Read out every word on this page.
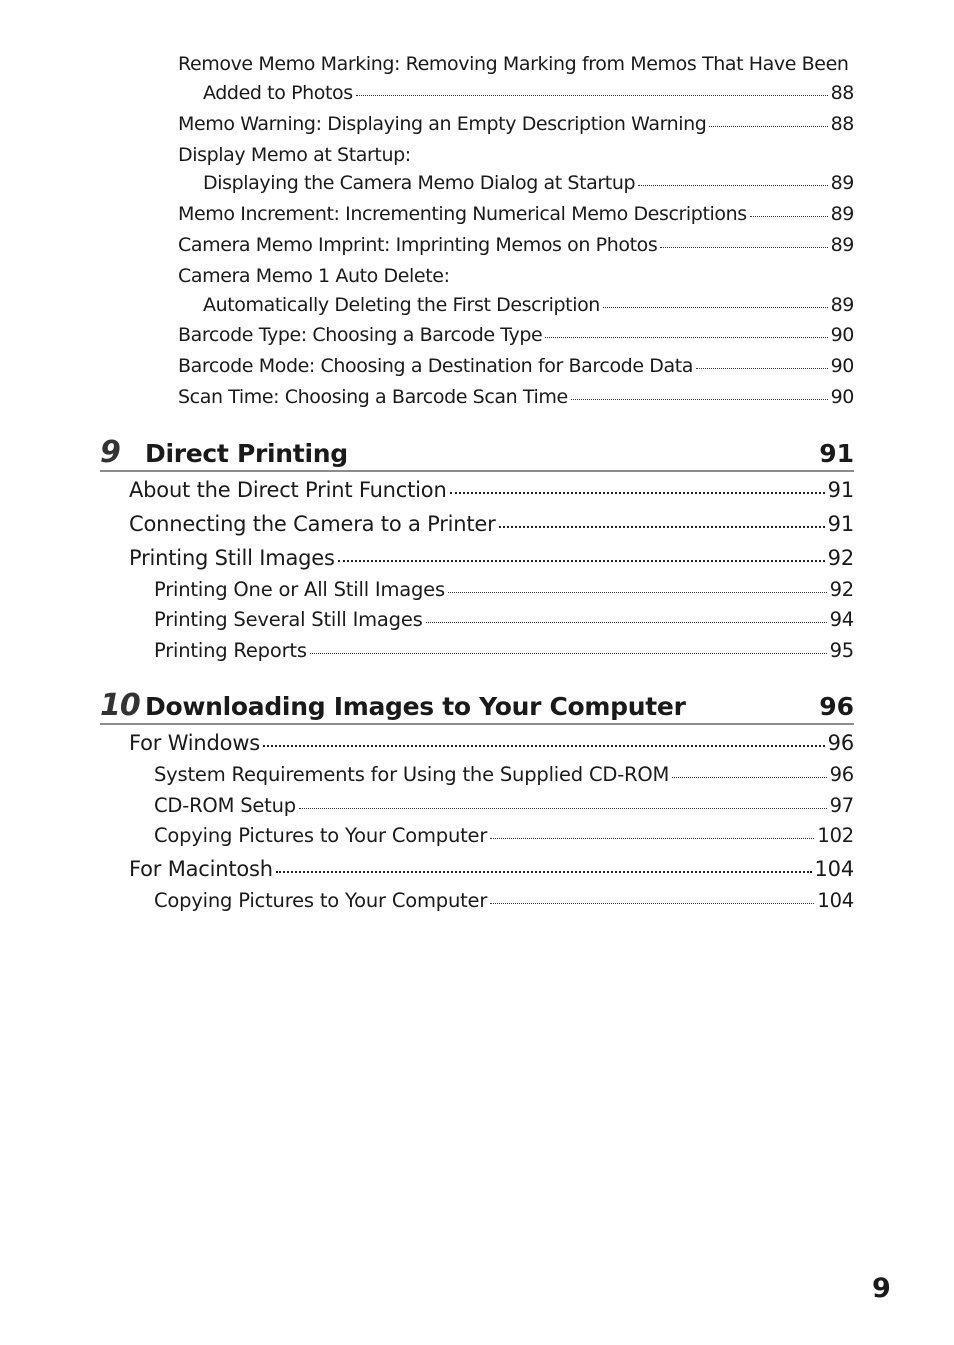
Remove Memo Marking: Removing Marking from Memos That Have Been
Added to Photos	88
Memo Warning: Displaying an Empty Description Warning	88
Display Memo at Startup:
Displaying the Camera Memo Dialog at Startup	89
Memo Increment: Incrementing Numerical Memo Descriptions	89
Camera Memo Imprint: Imprinting Memos on Photos	89
Camera Memo 1 Auto Delete:
Automatically Deleting the First Description	89
Barcode Type: Choosing a Barcode Type	90
Barcode Mode: Choosing a Destination for Barcode Data	90
Scan Time: Choosing a Barcode Scan Time	90
9	Direct Printing	91
About the Direct Print Function	91
Connecting the Camera to a Printer	91
Printing Still Images	92
Printing One or All Still Images	92
Printing Several Still Images	94
Printing Reports	95
10 Downloading Images to Your Computer	96
For Windows	96
System Requirements for Using the Supplied CD-ROM	96
CD-ROM Setup	97
Copying Pictures to Your Computer	102
For Macintosh	104
Copying Pictures to Your Computer	104
9
